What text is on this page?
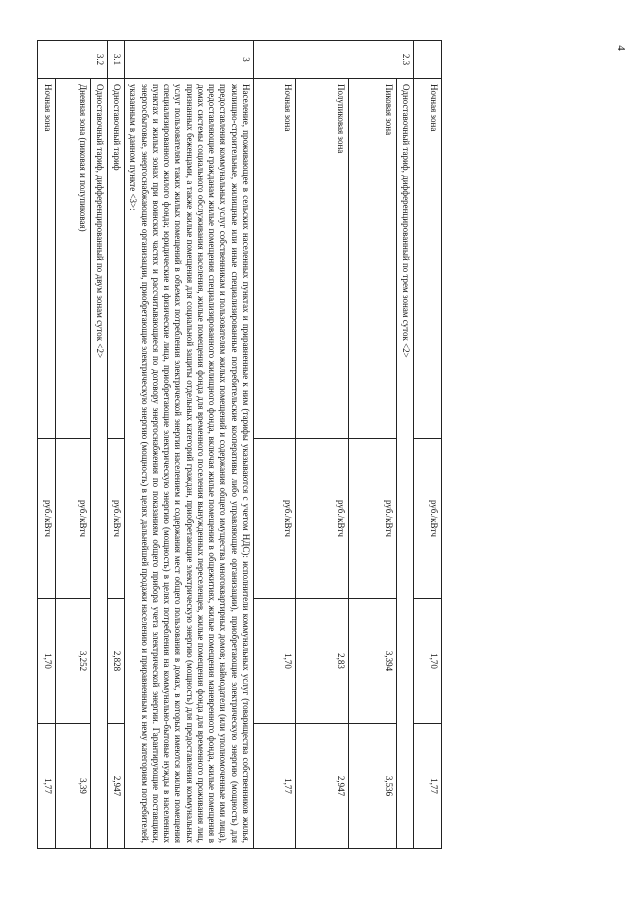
4
	Ночная зона	руб./кВтч	1,70	1,77
2.3	Одноставочный тариф, дифференцированный по трем зонам суток <2>			
	Пиковая зона	руб./кВтч	3,394	3,536
	Полупиковая зона	руб./кВтч	2,83	2,947
	Ночная зона	руб./кВтч	1,70	1,77
3	Население, проживающее в сельских населенных пунктах и приравненные к ним (тарифы указываются с учетом НДС): исполнители коммунальных услуг (товарищества собственников жилья, жилищно-строительные, жилищные или иные специализированные потребительские кооперативы либо управляющие организации), приобретающие электрическую энергию (мощность) для предоставления коммунальных услуг собственникам и пользователям жилых помещений и содержания общего имущества многоквартирных домов; наймодатели (или уполномоченные ими лица), предоставляющие гражданам жилые помещения специализированного жилищного фонда, включая жилые помещения в общежитиях, жилые помещения маневренного фонда, жилые помещения в домах системы социального обслуживания населения, жилые помещения фонда для временного поселения вынужденных переселенцев, жилые помещения фонда для временного проживания лиц, признанных беженцами, а также жилые помещения для социальной защиты отдельных категорий граждан, приобретающие электрическую энергию (мощность) для предоставления коммунальных услуг пользователям таких жилых помещений в объемах потребления электрической энергии населением и содержания мест общего пользования в домах, в которых имеются жилые помещения специализированного жилого фонда; юридические и физические лица, приобретающие электрическую энергию (мощность) в целях потребления на коммунально-бытовые нужды в населенных пунктах и жилых зонах при воинских частях и рассчитывающиеся по договору энергоснабжения по показаниям общего прибора учета электрической энергии. Гарантирующие поставщики, энергосбытовые, энергоснабжающие организации, приобретающие электрическую энергию (мощность) в целях дальнейшей продажи населению и приравненным к нему категориям потребителей, указанным в данном пункте <3>:			
3.1	Одноставочный тариф	руб./кВтч	2,828	2,947
3.2	Одноставочный тариф, дифференцированный по двум зонам суток <2>			
	Дневная зона (пиковая и полупиковая)	руб./кВтч	3,252	3,39
	Ночная зона	руб./кВтч	1,70	1,77
